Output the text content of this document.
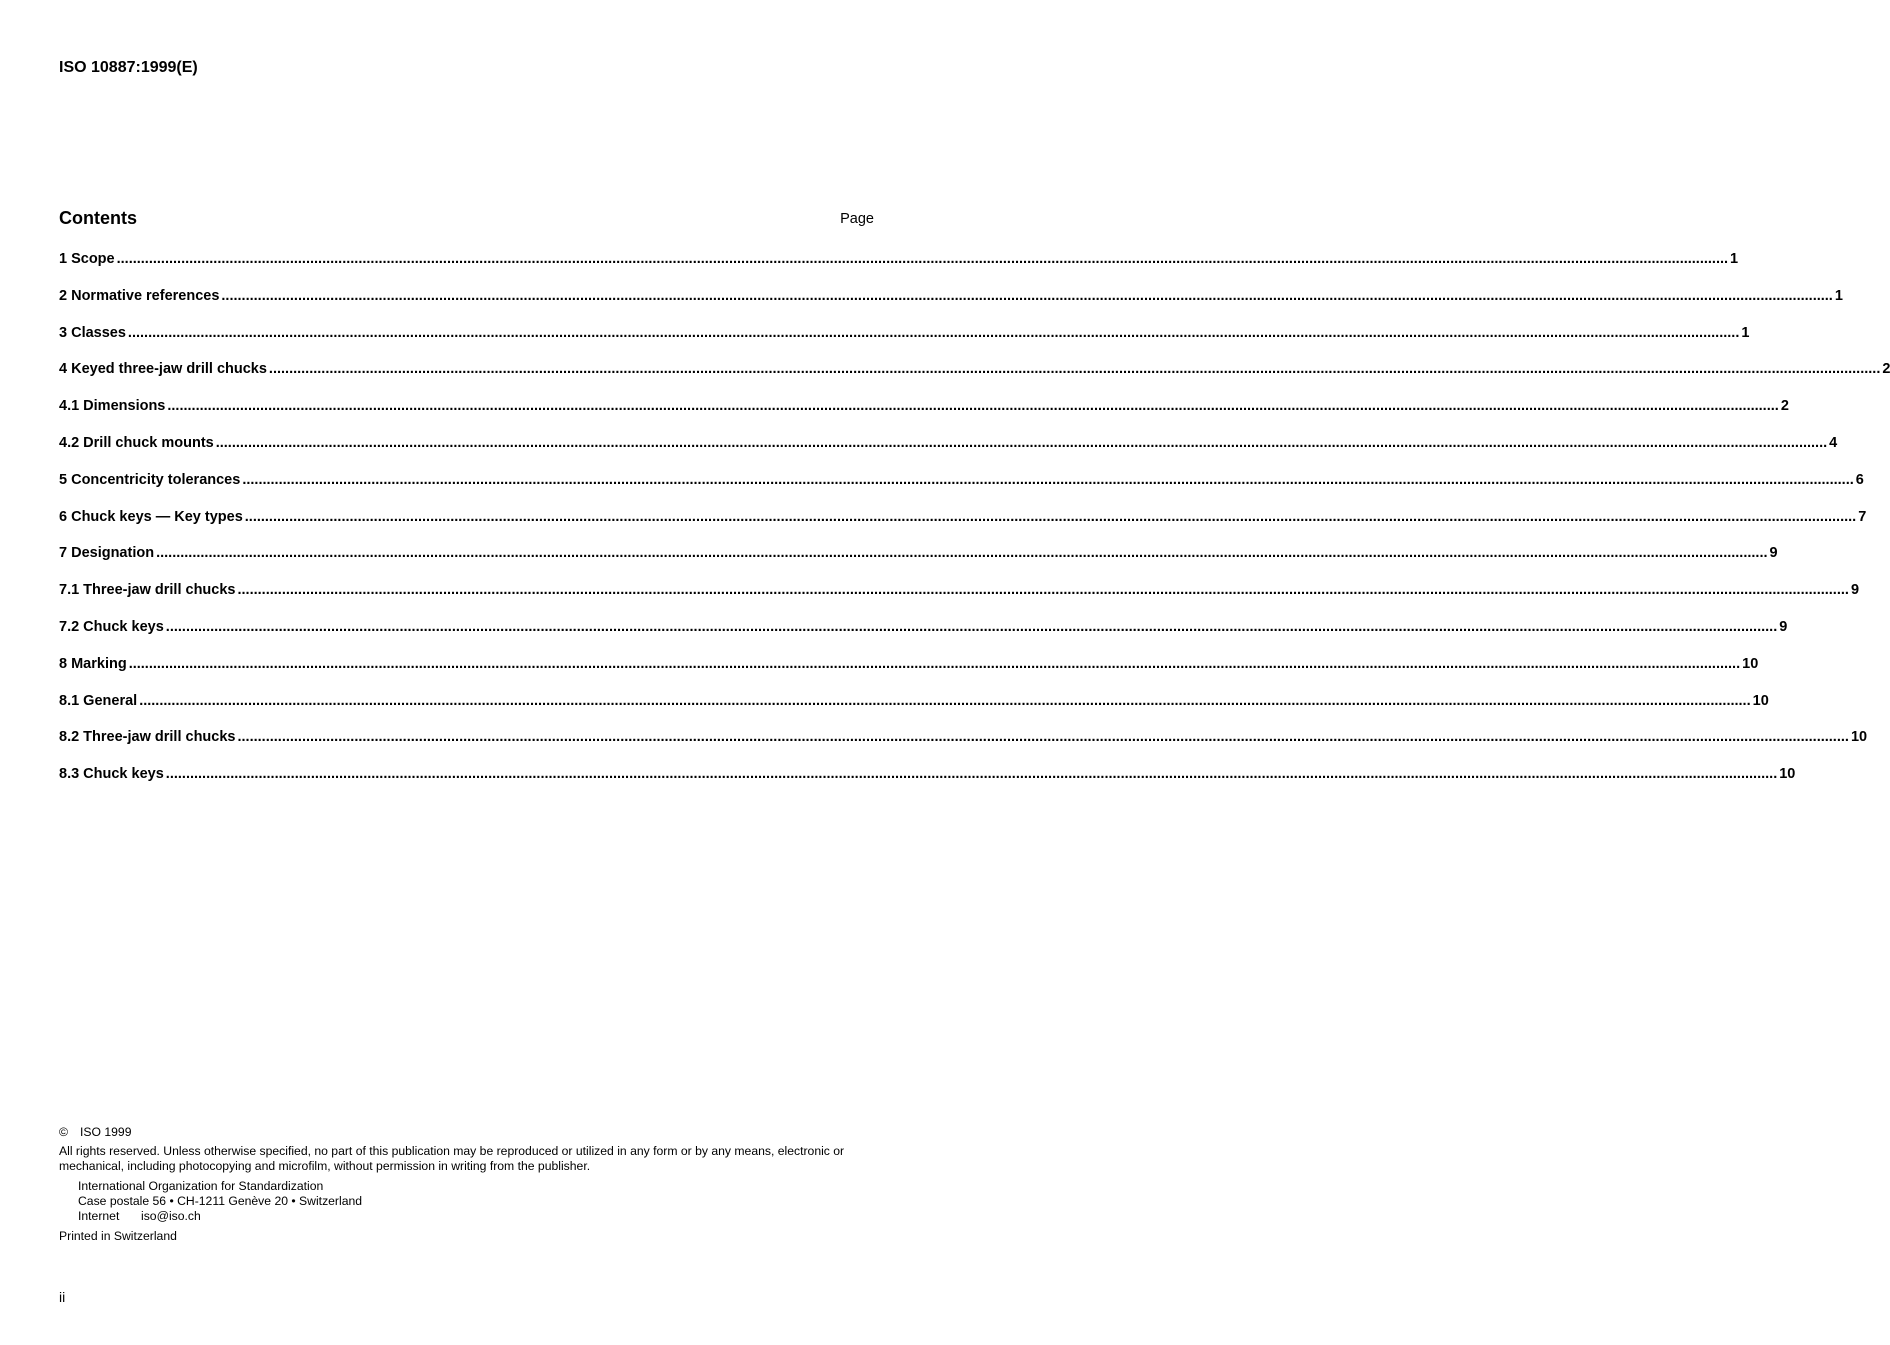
ISO 10887:1999(E)
Contents	Page
1 Scope ................................................................................................................................................................................................................................................................................................................................................................................................................ 1
2 Normative references ................................................................................................................................................................................................................................................................................................................................................................................................................ 1
3 Classes ................................................................................................................................................................................................................................................................................................................................................................................................................ 1
4 Keyed three-jaw drill chucks ................................................................................................................................................................................................................................................................................................................................................................................................................ 2
4.1 Dimensions ................................................................................................................................................................................................................................................................................................................................................................................................................ 2
4.2 Drill chuck mounts ................................................................................................................................................................................................................................................................................................................................................................................................................ 4
5 Concentricity tolerances ................................................................................................................................................................................................................................................................................................................................................................................................................ 6
6 Chuck keys — Key types ................................................................................................................................................................................................................................................................................................................................................................................................................ 7
7 Designation ................................................................................................................................................................................................................................................................................................................................................................................................................ 9
7.1 Three-jaw drill chucks ................................................................................................................................................................................................................................................................................................................................................................................................................ 9
7.2 Chuck keys ................................................................................................................................................................................................................................................................................................................................................................................................................ 9
8 Marking ................................................................................................................................................................................................................................................................................................................................................................................................................ 10
8.1 General ................................................................................................................................................................................................................................................................................................................................................................................................................ 10
8.2 Three-jaw drill chucks ................................................................................................................................................................................................................................................................................................................................................................................................................ 10
8.3 Chuck keys ................................................................................................................................................................................................................................................................................................................................................................................................................ 10
© ISO 1999
All rights reserved. Unless otherwise specified, no part of this publication may be reproduced or utilized in any form or by any means, electronic or mechanical, including photocopying and microfilm, without permission in writing from the publisher.
International Organization for Standardization
Case postale 56 • CH-1211 Genève 20 • Switzerland
Internet iso@iso.ch
Printed in Switzerland
ii
